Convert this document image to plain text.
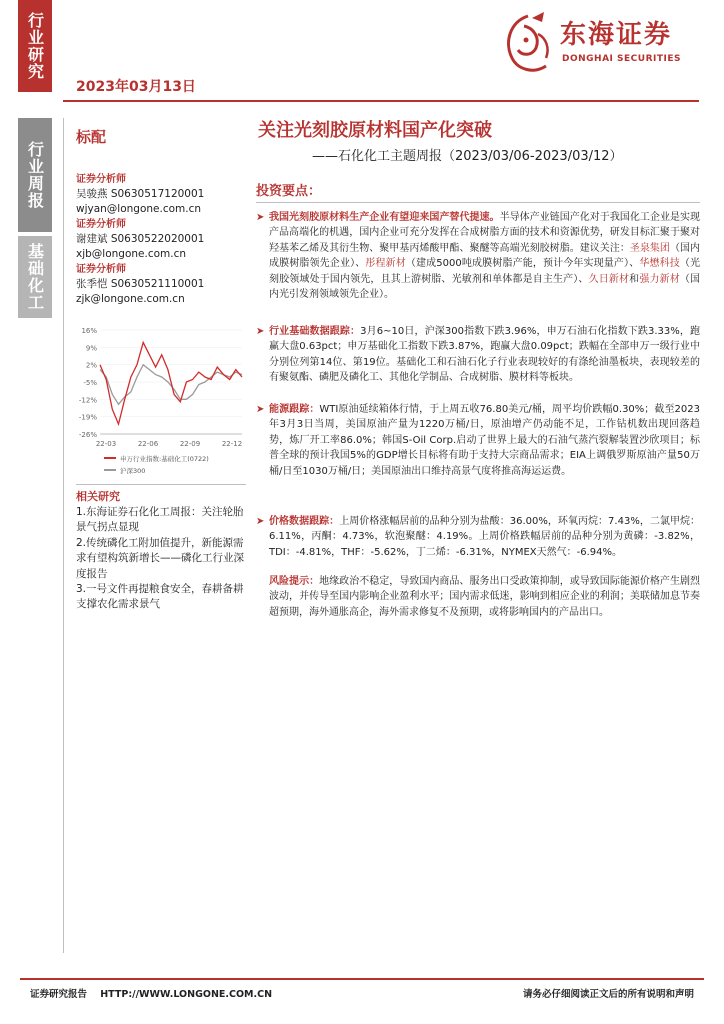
行业研究
行业周报
基础化工
2023年03月13日
东海证券
DONGHAI SECURITIES
标配	关注光刻胶原材料国产化突破
——石化化工主题周报（2023/03/06-2023/03/12）
证券分析师
吴骏燕 S0630517120001
wjyan@longone.com.cn
证券分析师
谢建斌 S0630522020001
xjb@longone.com.cn
证券分析师
张季恺 S0630521110001
zjk@longone.com.cn
16%
9%
2%
-5%
-12%
-19%
-26%
22-03	22-06	22-09	22-12
申万行业指数:基础化工(0722)
沪深300
相关研究
1.东海证券石化化工周报：关注轮胎景气拐点显现
2.传统磷化工附加值提升，新能源需求有望构筑新增长——磷化工行业深度报告
3.一号文件再提粮食安全，春耕备耕支撑农化需求景气
投资要点：
➤ 我国光刻胶原材料生产企业有望迎来国产替代提速。半导体产业链国产化对于我国化工企业是实现产品高端化的机遇，国内企业可充分发挥在合成树脂方面的技术和资源优势，研发目标汇聚于聚对羟基苯乙烯及其衍生物、聚甲基丙烯酸甲酯、聚醚等高端光刻胶树脂。建议关注：圣泉集团（国内成膜树脂领先企业）、彤程新材（建成5000吨成膜树脂产能，预计今年实现量产）、华懋科技（光刻胶领域处于国内领先，且其上游树脂、光敏剂和单体都是自主生产）、久日新材和强力新材（国内光引发剂领域领先企业）。
➤ 行业基础数据跟踪：3月6~10日，沪深300指数下跌3.96%，申万石油石化指数下跌3.33%，跑赢大盘0.63pct；申万基础化工指数下跌3.87%，跑赢大盘0.09pct；跌幅在全部申万一级行业中分别位列第14位、第19位。基础化工和石油石化子行业表现较好的有涤纶油墨板块，表现较差的有聚氨酯、磷肥及磷化工、其他化学制品、合成树脂、膜材料等板块。
➤ 能源跟踪：WTI原油延续箱体行情，于上周五收76.80美元/桶，周平均价跌幅0.30%；截至2023年3月3日当周，美国原油产量为1220万桶/日，原油增产仍动能不足，工作钻机数出现回落趋势，炼厂开工率86.0%；韩国S-Oil Corp.启动了世界上最大的石油气蒸汽裂解装置沙欣项目；标普全球的预计我国5%的GDP增长目标将有助于支持大宗商品需求；EIA上调俄罗斯原油产量50万桶/日至1030万桶/日；美国原油出口维持高景气度将推高海运运费。
➤ 价格数据跟踪：上周价格涨幅居前的品种分别为盐酸：36.00%，环氧丙烷：7.43%，二氯甲烷：6.11%，丙酮：4.73%，软泡聚醚：4.19%。上周价格跌幅居前的品种分别为黄磷：-3.82%，TDI：-4.81%，THF：-5.62%，丁二烯：-6.31%，NYMEX天然气：-6.94%。
风险提示：地缘政治不稳定，导致国内商品、服务出口受政策抑制，或导致国际能源价格产生剧烈波动，并传导至国内影响企业盈利水平；国内需求低迷，影响到相应企业的利润；美联储加息节奏超预期，海外通胀高企，海外需求修复不及预期，或将影响国内的产品出口。
证券研究报告    HTTP://WWW.LONGONE.COM.CN	请务必仔细阅读正文后的所有说明和声明
